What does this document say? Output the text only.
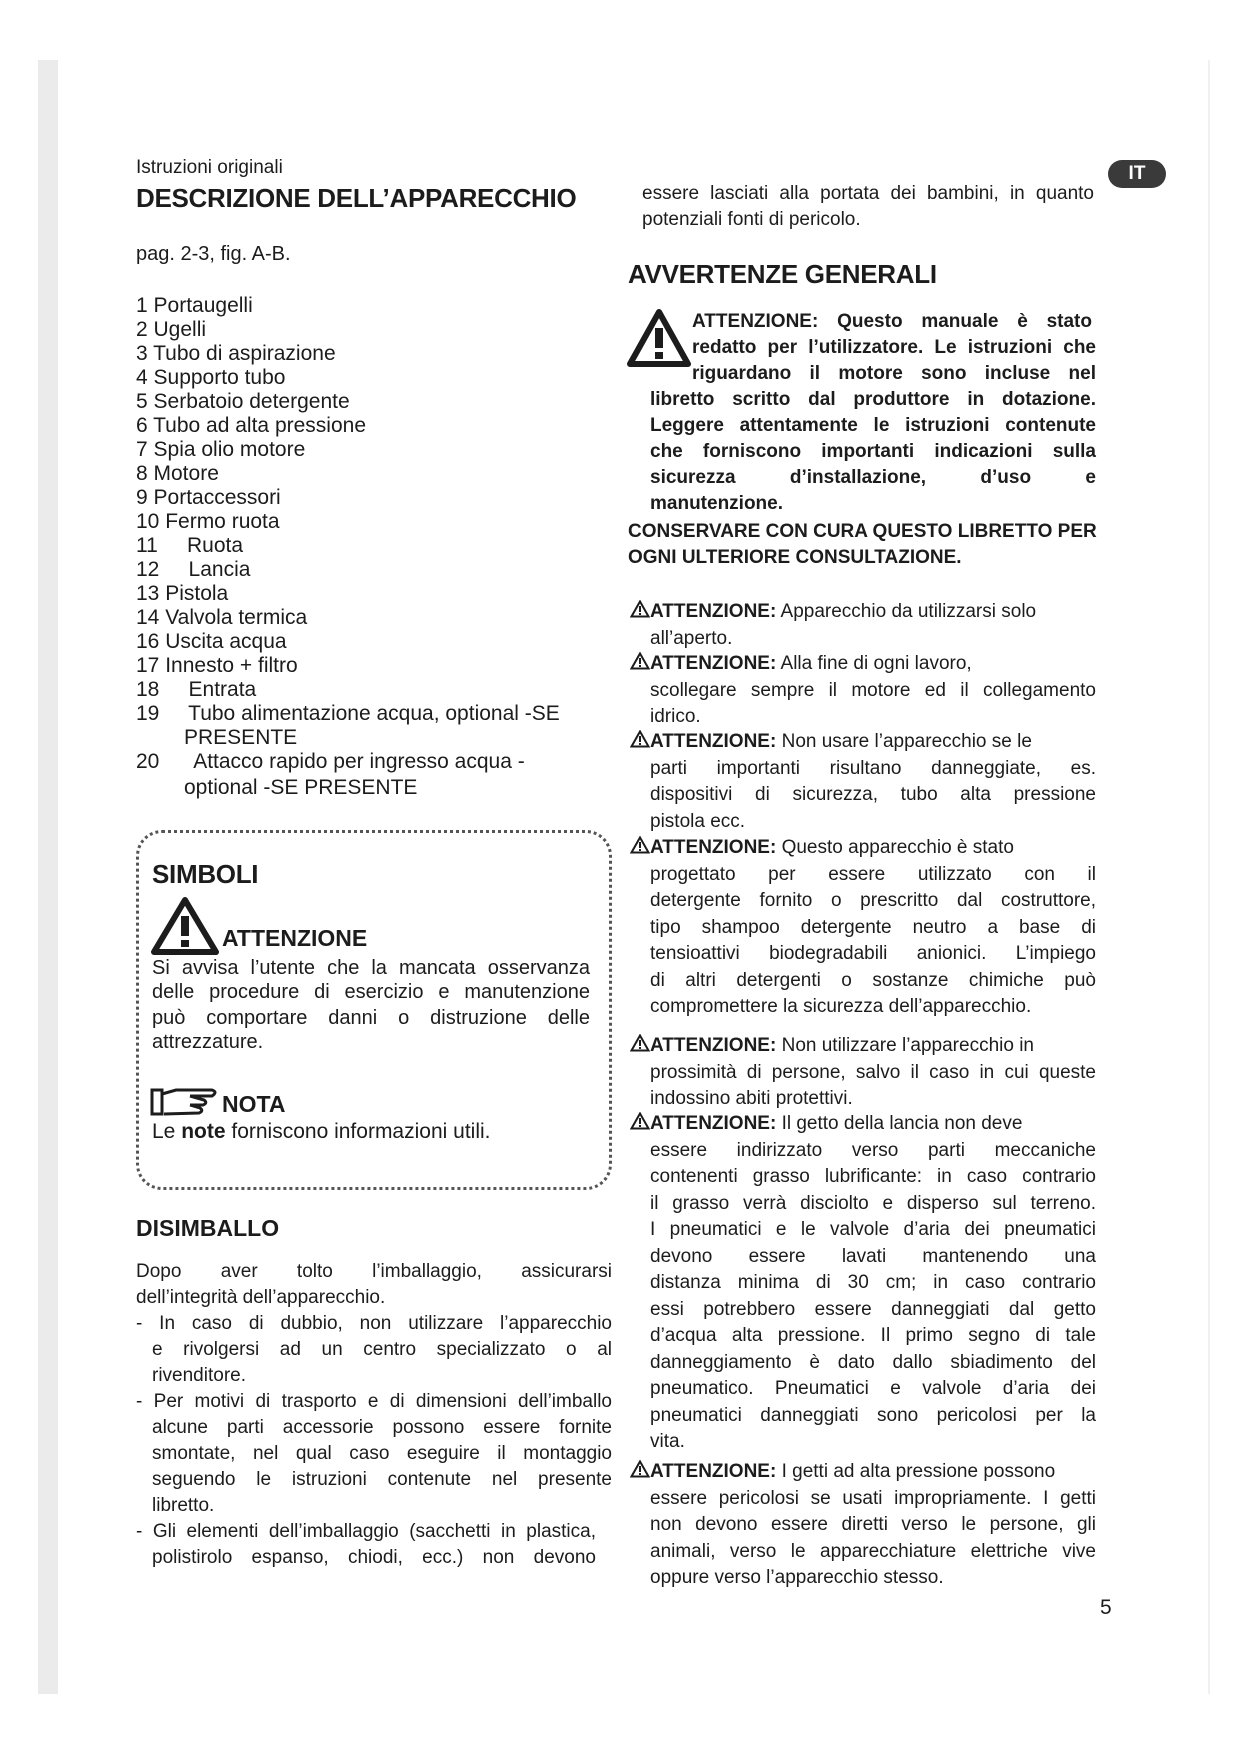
IT
Istruzioni originali
DESCRIZIONE DELL’APPARECCHIO
pag. 2-3, fig. A-B.
1 Portaugelli
2 Ugelli
3 Tubo di aspirazione
4 Supporto tubo
5 Serbatoio detergente
6 Tubo ad alta pressione
7 Spia olio motore
8 Motore
9 Portaccessori
10 Fermo ruota
11     Ruota
12     Lancia
13 Pistola
14 Valvola termica
16 Uscita acqua
17 Innesto + filtro
18     Entrata
19     Tubo alimentazione acqua, optional -SE
PRESENTE
20      Attacco rapido per ingresso acqua -
optional -SE PRESENTE
SIMBOLI
ATTENZIONE
Si avvisa l’utente che la mancata osservanza
delle procedure di esercizio e manutenzione
può comportare danni o distruzione delle
attrezzature.
NOTA
Le note forniscono informazioni utili.
DISIMBALLO
Dopo aver tolto l’imballaggio, assicurarsi
dell’integrità dell’apparecchio.
- In caso di dubbio, non utilizzare l’apparecchio
e rivolgersi ad un centro specializzato o al
rivenditore.
- Per motivi di trasporto e di dimensioni dell’imballo
alcune parti accessorie possono essere fornite
smontate, nel qual caso eseguire il montaggio
seguendo le istruzioni contenute nel presente
libretto.
- Gli elementi dell’imballaggio (sacchetti in plastica,
polistirolo espanso, chiodi, ecc.) non devono
essere lasciati alla portata dei bambini, in quanto
potenziali fonti di pericolo.
AVVERTENZE GENERALI
ATTENZIONE: Questo manuale è stato
redatto per l’utilizzatore. Le istruzioni che
riguardano il motore sono incluse nel
libretto scritto dal produttore in dotazione.
Leggere attentamente le istruzioni contenute
che forniscono importanti indicazioni sulla
sicurezza d’installazione, d’uso e
manutenzione.
CONSERVARE CON CURA QUESTO LIBRETTO PER
OGNI ULTERIORE CONSULTAZIONE.
ATTENZIONE: Apparecchio da utilizzarsi solo
all’aperto.
ATTENZIONE: Alla fine di ogni lavoro,
scollegare sempre il motore ed il collegamento
idrico.
ATTENZIONE: Non usare l’apparecchio se le
parti importanti risultano danneggiate, es.
dispositivi di sicurezza, tubo alta pressione
pistola ecc.
ATTENZIONE: Questo apparecchio è stato
progettato per essere utilizzato con il
detergente fornito o prescritto dal costruttore,
tipo shampoo detergente neutro a base di
tensioattivi biodegradabili anionici. L’impiego
di altri detergenti o sostanze chimiche può
compromettere la sicurezza dell’apparecchio.
ATTENZIONE: Non utilizzare l’apparecchio in
prossimità di persone, salvo il caso in cui queste
indossino abiti protettivi.
ATTENZIONE: Il getto della lancia non deve
essere indirizzato verso parti meccaniche
contenenti grasso lubrificante: in caso contrario
il grasso verrà disciolto e disperso sul terreno.
I pneumatici e le valvole d’aria dei pneumatici
devono essere lavati mantenendo una
distanza minima di 30 cm; in caso contrario
essi potrebbero essere danneggiati dal getto
d’acqua alta pressione. Il primo segno di tale
danneggiamento è dato dallo sbiadimento del
pneumatico. Pneumatici e valvole d’aria dei
pneumatici danneggiati sono pericolosi per la
vita.
ATTENZIONE: I getti ad alta pressione possono
essere pericolosi se usati impropriamente. I getti
non devono essere diretti verso le persone, gli
animali, verso le apparecchiature elettriche vive
oppure verso l’apparecchio stesso.
5
